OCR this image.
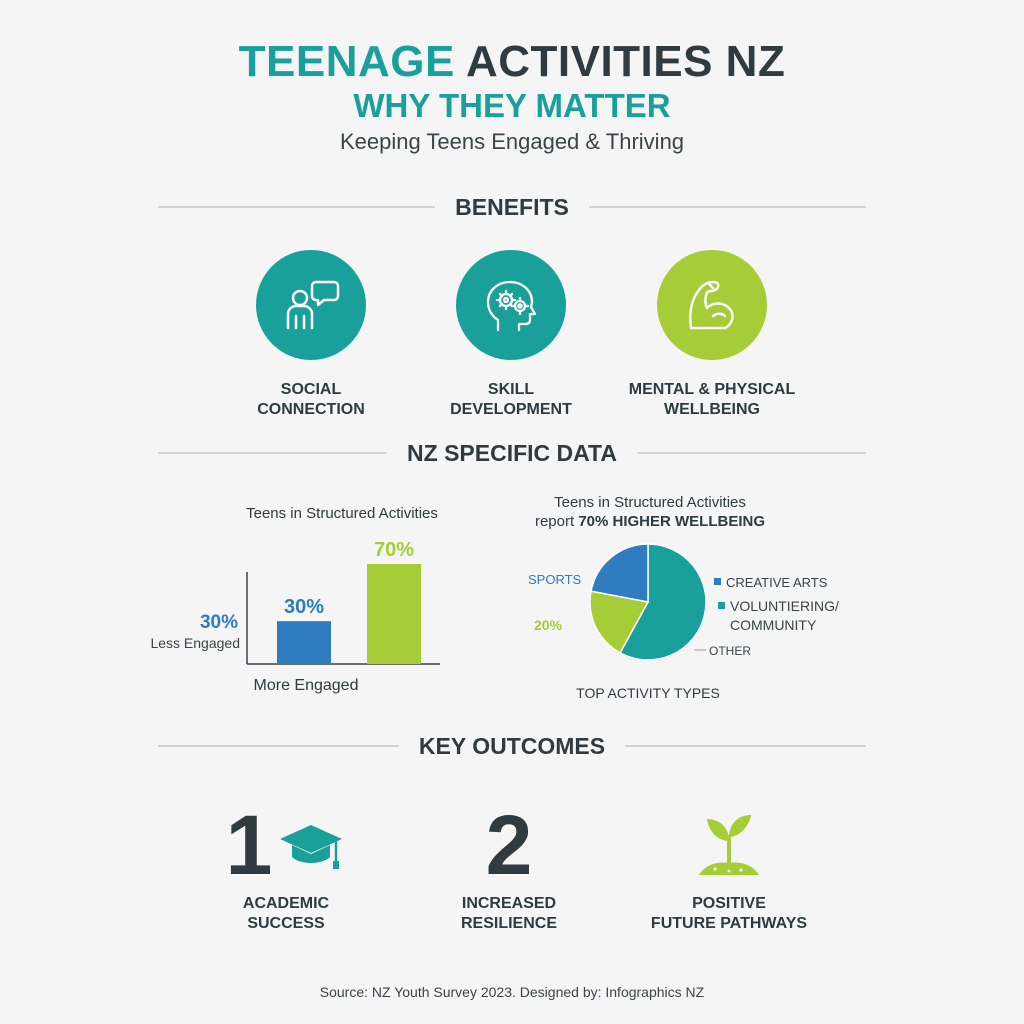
TEENAGE ACTIVITIES NZ
WHY THEY MATTER
Keeping Teens Engaged & Thriving
BENEFITS
SOCIAL
CONNECTION
SKILL
DEVELOPMENT
MENTAL & PHYSICAL
WELLBEING
NZ SPECIFIC DATA
Teens in Structured Activities
30%
70%
30%
Less Engaged
More Engaged
Teens in Structured Activities
report 70% HIGHER WELLBEING
SPORTS	CREATIVE ARTS
VOLUNTIERING/
COMMUNITY
20%
OTHER
TOP ACTIVITY TYPES
KEY OUTCOMES
1
ACADEMIC
SUCCESS
2
INCREASED
RESILIENCE
POSITIVE
FUTURE PATHWAYS
Source: NZ Youth Survey 2023. Designed by: Infographics NZ
